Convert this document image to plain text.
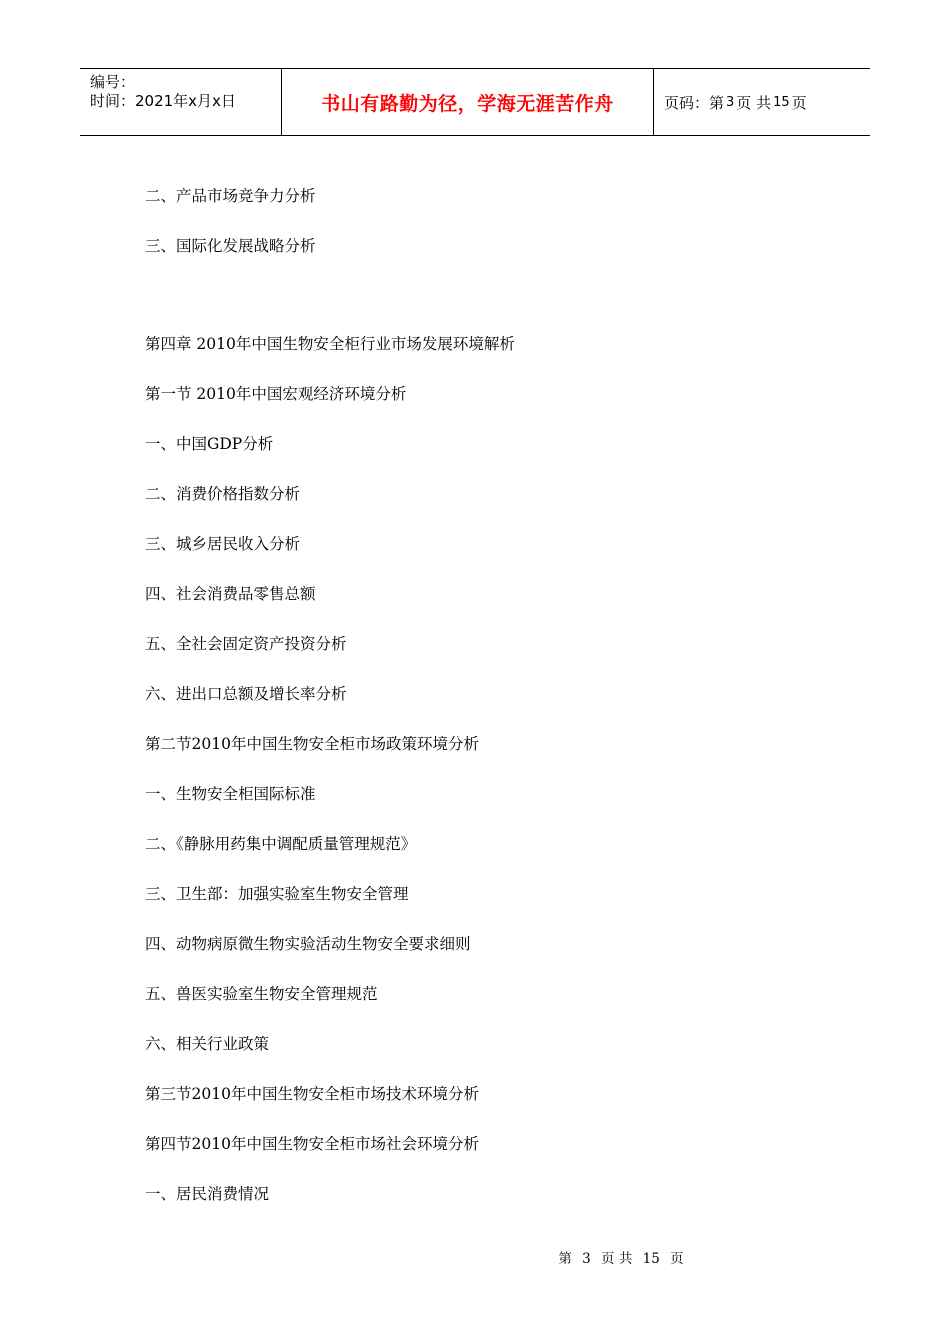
编号：
时间：2021年x月x日	书山有路勤为径，学海无涯苦作舟	页码：第 3 页 共 15 页
二、产品市场竞争力分析
三、国际化发展战略分析
第四章 2010年中国生物安全柜行业市场发展环境解析
第一节 2010年中国宏观经济环境分析
一、中国GDP分析
二、消费价格指数分析
三、城乡居民收入分析
四、社会消费品零售总额
五、全社会固定资产投资分析
六、进出口总额及增长率分析
第二节2010年中国生物安全柜市场政策环境分析
一、生物安全柜国际标准
二、《静脉用药集中调配质量管理规范》
三、卫生部：加强实验室生物安全管理
四、动物病原微生物实验活动生物安全要求细则
五、兽医实验室生物安全管理规范
六、相关行业政策
第三节2010年中国生物安全柜市场技术环境分析
第四节2010年中国生物安全柜市场社会环境分析
一、居民消费情况
第 3 页 共 15 页
